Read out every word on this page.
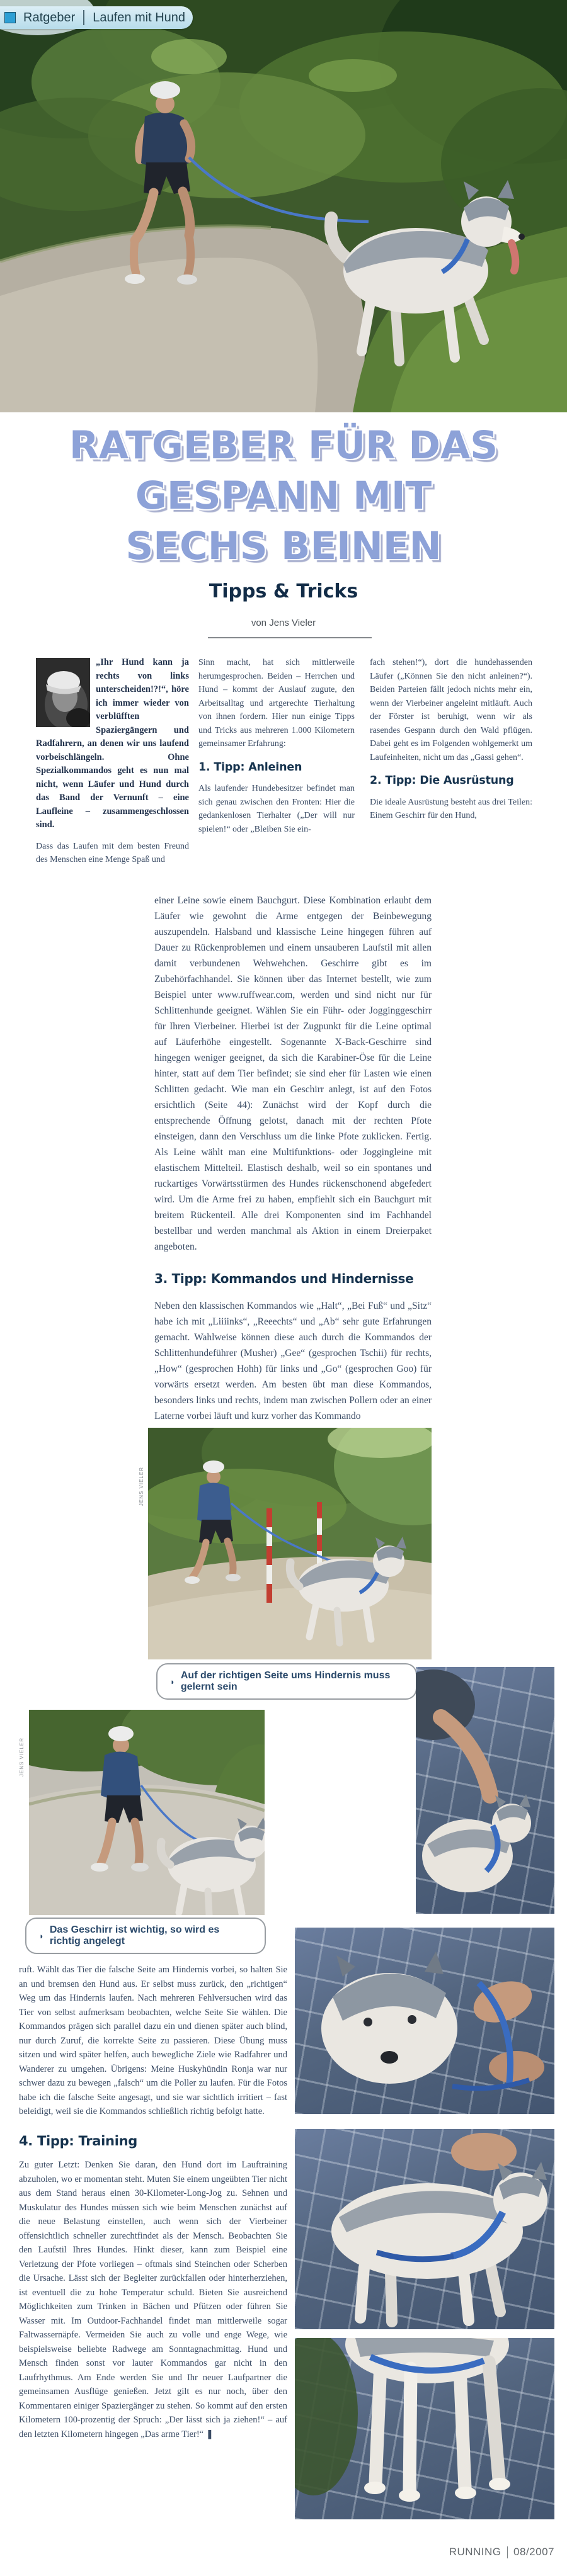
Ratgeber Laufen mit Hund
RATGEBER FÜR DAS
GESPANN MIT
SECHS BEINEN
Tipps & Tricks
von Jens Vieler

„Ihr Hund kann ja rechts von links unterscheiden!?!“, höre ich immer wieder von verblüfften Spaziergängern und Radfahrern, an denen wir uns laufend vorbeischlängeln. Ohne Spezialkommandos geht es nun mal nicht, wenn Läufer und Hund durch das Band der Vernunft – eine Laufleine – zusammengeschlossen sind.

Dass das Laufen mit dem besten Freund des Menschen eine Menge Spaß und

Sinn macht, hat sich mittlerweile herumgesprochen. Beiden – Herrchen und Hund – kommt der Auslauf zugute, den Arbeitsalltag und artgerechte Tierhaltung von ihnen fordern. Hier nun einige Tipps und Tricks aus mehreren 1.000 Kilometern gemeinsamer Erfahrung:

1. Tipp: Anleinen

Als laufender Hundebesitzer befindet man sich genau zwischen den Fronten: Hier die gedankenlosen Tierhalter („Der will nur spielen!“ oder „Bleiben Sie ein-

fach stehen!“), dort die hundehassenden Läufer („Können Sie den nicht anleinen?“). Beiden Parteien fällt jedoch nichts mehr ein, wenn der Vierbeiner angeleint mitläuft. Auch der Förster ist beruhigt, wenn wir als rasendes Gespann durch den Wald pflügen. Dabei geht es im Folgenden wohlgemerkt um Laufeinheiten, nicht um das „Gassi gehen“.

2. Tipp: Die Ausrüstung

Die ideale Ausrüstung besteht aus drei Teilen: Einem Geschirr für den Hund,

einer Leine sowie einem Bauchgurt. Diese Kombination erlaubt dem Läufer wie gewohnt die Arme entgegen der Beinbewegung auszupendeln. Halsband und klassische Leine hingegen führen auf Dauer zu Rückenproblemen und einem unsauberen Laufstil mit allen damit verbundenen Wehwehchen. Geschirre gibt es im Zubehörfachhandel. Sie können über das Internet bestellt, wie zum Beispiel unter www.ruffwear.com, werden und sind nicht nur für Schlittenhunde geeignet. Wählen Sie ein Führ- oder Jogginggeschirr für Ihren Vierbeiner. Hierbei ist der Zugpunkt für die Leine optimal auf Läuferhöhe eingestellt. Sogenannte X-Back-Geschirre sind hingegen weniger geeignet, da sich die Karabiner-Öse für die Leine hinter, statt auf dem Tier befindet; sie sind eher für Lasten wie einen Schlitten gedacht. Wie man ein Geschirr anlegt, ist auf den Fotos ersichtlich (Seite 44): Zunächst wird der Kopf durch die entsprechende Öffnung gelotst, danach mit der rechten Pfote einsteigen, dann den Verschluss um die linke Pfote zuklicken. Fertig. Als Leine wählt man eine Multifunktions- oder Joggingleine mit elastischem Mittelteil. Elastisch deshalb, weil so ein spontanes und ruckartiges Vorwärtsstürmen des Hundes rückenschonend abgefedert wird. Um die Arme frei zu haben, empfiehlt sich ein Bauchgurt mit breitem Rückenteil. Alle drei Komponenten sind im Fachhandel bestellbar und werden manchmal als Aktion in einem Dreierpaket angeboten.

3. Tipp: Kommandos und Hindernisse

Neben den klassischen Kommandos wie „Halt“, „Bei Fuß“ und „Sitz“ habe ich mit „Liiiinks“, „Reeechts“ und „Ab“ sehr gute Erfahrungen gemacht. Wahlweise können diese auch durch die Kommandos der Schlittenhundeführer (Musher) „Gee“ (gesprochen Tschii) für rechts, „How“ (gesprochen Hohh) für links und „Go“ (gesprochen Goo) für vorwärts ersetzt werden. Am besten übt man diese Kommandos, besonders links und rechts, indem man zwischen Pollern oder an einer Laterne vorbei läuft und kurz vorher das Kommando

JENS VIELER
◗
Auf der richtigen Seite ums Hindernis muss gelernt sein
JENS VIELER
◗
Das Geschirr ist wichtig, so wird es richtig angelegt

ruft. Wählt das Tier die falsche Seite am Hindernis vorbei, so halten Sie an und bremsen den Hund aus. Er selbst muss zurück, den „richtigen“ Weg um das Hindernis laufen. Nach mehreren Fehlversuchen wird das Tier von selbst aufmerksam beobachten, welche Seite Sie wählen. Die Kommandos prägen sich parallel dazu ein und dienen später auch blind, nur durch Zuruf, die korrekte Seite zu passieren. Diese Übung muss sitzen und wird später helfen, auch bewegliche Ziele wie Radfahrer und Wanderer zu umgehen. Übrigens: Meine Huskyhündin Ronja war nur schwer dazu zu bewegen „falsch“ um die Poller zu laufen. Für die Fotos habe ich die falsche Seite angesagt, und sie war sichtlich irritiert – fast beleidigt, weil sie die Kommandos schließlich richtig befolgt hatte.

4. Tipp: Training

Zu guter Letzt: Denken Sie daran, den Hund dort im Lauftraining abzuholen, wo er momentan steht. Muten Sie einem ungeübten Tier nicht aus dem Stand heraus einen 30-Kilometer-Long-Jog zu. Sehnen und Muskulatur des Hundes müssen sich wie beim Menschen zunächst auf die neue Belastung einstellen, auch wenn sich der Vierbeiner offensichtlich schneller zurechtfindet als der Mensch. Beobachten Sie den Laufstil Ihres Hundes. Hinkt dieser, kann zum Beispiel eine Verletzung der Pfote vorliegen – oftmals sind Steinchen oder Scherben die Ursache. Lässt sich der Begleiter zurückfallen oder hinterherziehen, ist eventuell die zu hohe Temperatur schuld. Bieten Sie ausreichend Möglichkeiten zum Trinken in Bächen und Pfützen oder führen Sie Wasser mit. Im Outdoor-Fachhandel findet man mittlerweile sogar Faltwassernäpfe. Vermeiden Sie auch zu volle und enge Wege, wie beispielsweise beliebte Radwege am Sonntagnachmittag. Hund und Mensch finden sonst vor lauter Kommandos gar nicht in den Laufrhythmus. Am Ende werden Sie und Ihr neuer Laufpartner die gemeinsamen Ausflüge genießen. Jetzt gilt es nur noch, über den Kommentaren einiger Spaziergänger zu stehen. So kommt auf den ersten Kilometern 100-prozentig der Spruch: „Der lässt sich ja ziehen!“ – auf den letzten Kilometern hingegen „Das arme Tier!“ ❚

RUNNING 08/2007
